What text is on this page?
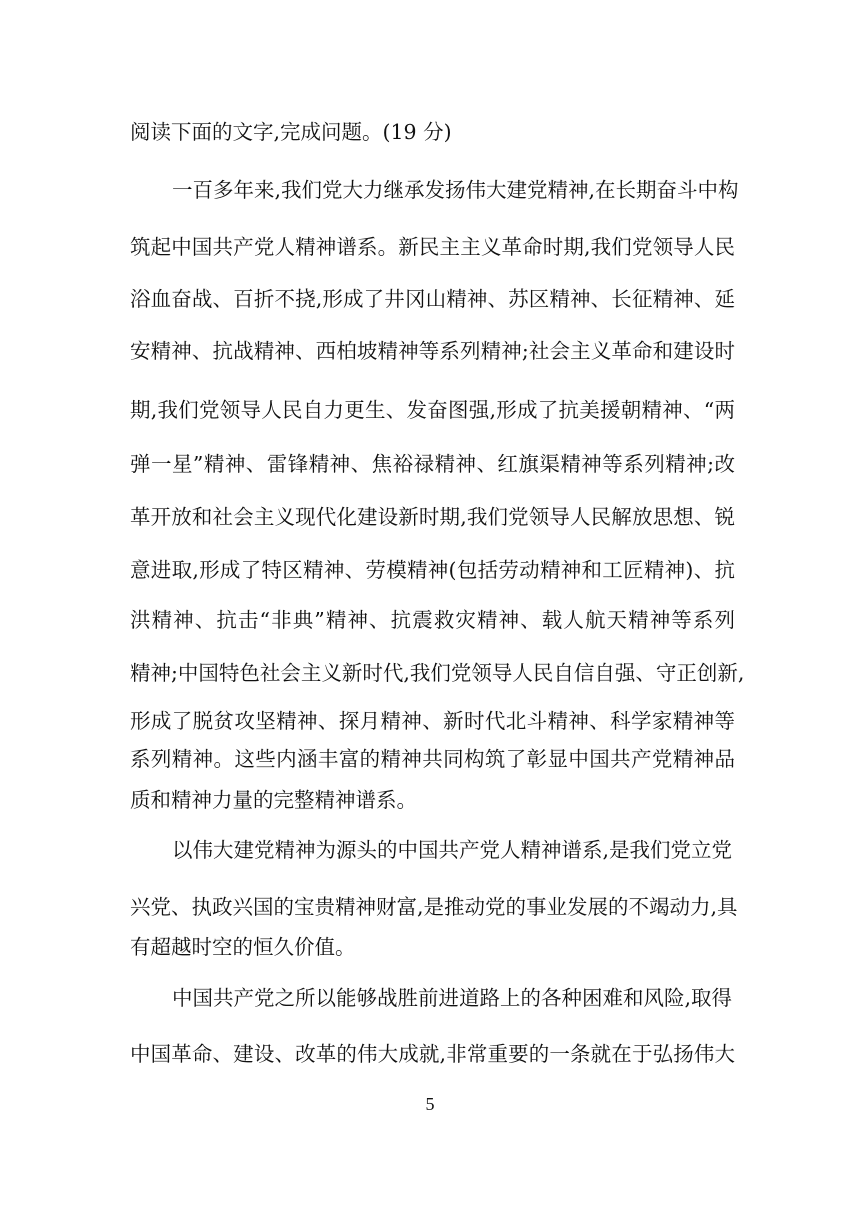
阅读下面的文字,完成问题。(19 分)
一百多年来,我们党大力继承发扬伟大建党精神,在长期奋斗中构
筑起中国共产党人精神谱系。新民主主义革命时期,我们党领导人民
浴血奋战、百折不挠,形成了井冈山精神、苏区精神、长征精神、延
安精神、抗战精神、西柏坡精神等系列精神;社会主义革命和建设时
期,我们党领导人民自力更生、发奋图强,形成了抗美援朝精神、“两
弹一星”精神、雷锋精神、焦裕禄精神、红旗渠精神等系列精神;改
革开放和社会主义现代化建设新时期,我们党领导人民解放思想、锐
意进取,形成了特区精神、劳模精神(包括劳动精神和工匠精神)、抗
洪精神、抗击“非典”精神、抗震救灾精神、载人航天精神等系列
精神;中国特色社会主义新时代,我们党领导人民自信自强、守正创新,
形成了脱贫攻坚精神、探月精神、新时代北斗精神、科学家精神等
系列精神。这些内涵丰富的精神共同构筑了彰显中国共产党精神品
质和精神力量的完整精神谱系。
以伟大建党精神为源头的中国共产党人精神谱系,是我们党立党
兴党、执政兴国的宝贵精神财富,是推动党的事业发展的不竭动力,具
有超越时空的恒久价值。
中国共产党之所以能够战胜前进道路上的各种困难和风险,取得
中国革命、建设、改革的伟大成就,非常重要的一条就在于弘扬伟大
5
